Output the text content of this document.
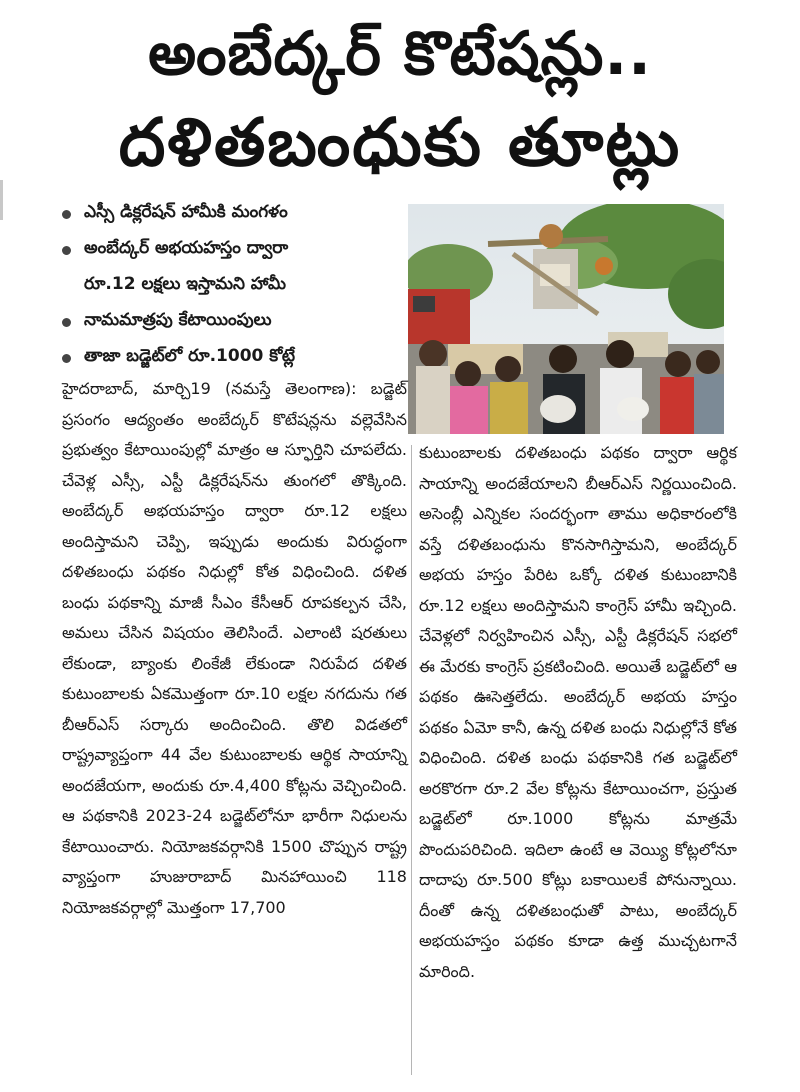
అంబేద్కర్ కొటేషన్లు..
దళితబంధుకు తూట్లు
ఎస్సీ డిక్లరేషన్ హామీకి మంగళం
అంబేద్కర్ అభయహస్తం ద్వారా
రూ.12 లక్షలు ఇస్తామని హామీ
నామమాత్రపు కేటాయింపులు
తాజా బడ్జెట్‌లో రూ.1000 కోట్లే

హైదరాబాద్, మార్చి19 (నమస్తే తెలంగాణ): బడ్జెట్ ప్రసంగం ఆద్యంతం అంబేద్కర్ కొటేషన్లను వల్లెవేసిన ప్రభుత్వం కేటాయింపుల్లో మాత్రం ఆ స్ఫూర్తిని చూపలేదు. చేవెళ్ల ఎస్సీ, ఎస్టీ డిక్లరేషన్‌ను తుంగలో తొక్కింది. అంబేద్కర్ అభయహస్తం ద్వారా రూ.12 లక్షలు అందిస్తామని చెప్పి, ఇప్పుడు అందుకు విరుద్ధంగా దళితబంధు పథకం నిధుల్లో కోత విధించింది. దళిత బంధు పథకాన్ని మాజీ సీఎం కేసీఆర్ రూపకల్పన చేసి, అమలు చేసిన విషయం తెలిసిందే. ఎలాంటి షరతులు లేకుండా, బ్యాంకు లింకేజీ లేకుండా నిరుపేద దళిత కుటుంబాలకు ఏకమొత్తంగా రూ.10 లక్షల నగదును గత బీఆర్‌ఎస్ సర్కారు అందించింది. తొలి విడతలో రాష్ట్రవ్యాప్తంగా 44 వేల కుటుంబాలకు ఆర్థిక సాయాన్ని అందజేయగా, అందుకు రూ.4,400 కోట్లను వెచ్చించింది. ఆ పథకానికి 2023-24 బడ్జెట్‌లోనూ భారీగా నిధులను కేటాయించారు. నియోజకవర్గానికి 1500 చొప్పున రాష్ట్ర వ్యాప్తంగా హుజురాబాద్ మినహాయించి 118 నియోజకవర్గాల్లో మొత్తంగా 17,700

కుటుంబాలకు దళితబంధు పథకం ద్వారా ఆర్థిక సాయాన్ని అందజేయాలని బీఆర్‌ఎస్ నిర్ణయించింది. అసెంబ్లీ ఎన్నికల సందర్భంగా తాము అధికారంలోకి వస్తే దళితబంధును కొనసాగిస్తామని, అంబేద్కర్ అభయ హస్తం పేరిట ఒక్కో దళిత కుటుంబానికి రూ.12 లక్షలు అందిస్తామని కాంగ్రెస్ హామీ ఇచ్చింది. చేవెళ్లలో నిర్వహించిన ఎస్సీ, ఎస్టీ డిక్లరేషన్ సభలో ఈ మేరకు కాంగ్రెస్ ప్రకటించింది. అయితే బడ్జెట్‌లో ఆ పథకం ఊసెత్తలేదు. అంబేద్కర్ అభయ హస్తం పథకం ఏమో కానీ, ఉన్న దళిత బంధు నిధుల్లోనే కోత విధించింది. దళిత బంధు పథకానికి గత బడ్జెట్‌లో అరకొరగా రూ.2 వేల కోట్లను కేటాయించగా, ప్రస్తుత బడ్జెట్‌లో రూ.1000 కోట్లను మాత్రమే పొందుపరిచింది. ఇదిలా ఉంటే ఆ వెయ్యి కోట్లలోనూ దాదాపు రూ.500 కోట్లు బకాయిలకే పోనున్నాయి. దీంతో ఉన్న దళితబంధుతో పాటు, అంబేద్కర్ అభయహస్తం పథకం కూడా ఉత్త ముచ్చటగానే మారింది.
